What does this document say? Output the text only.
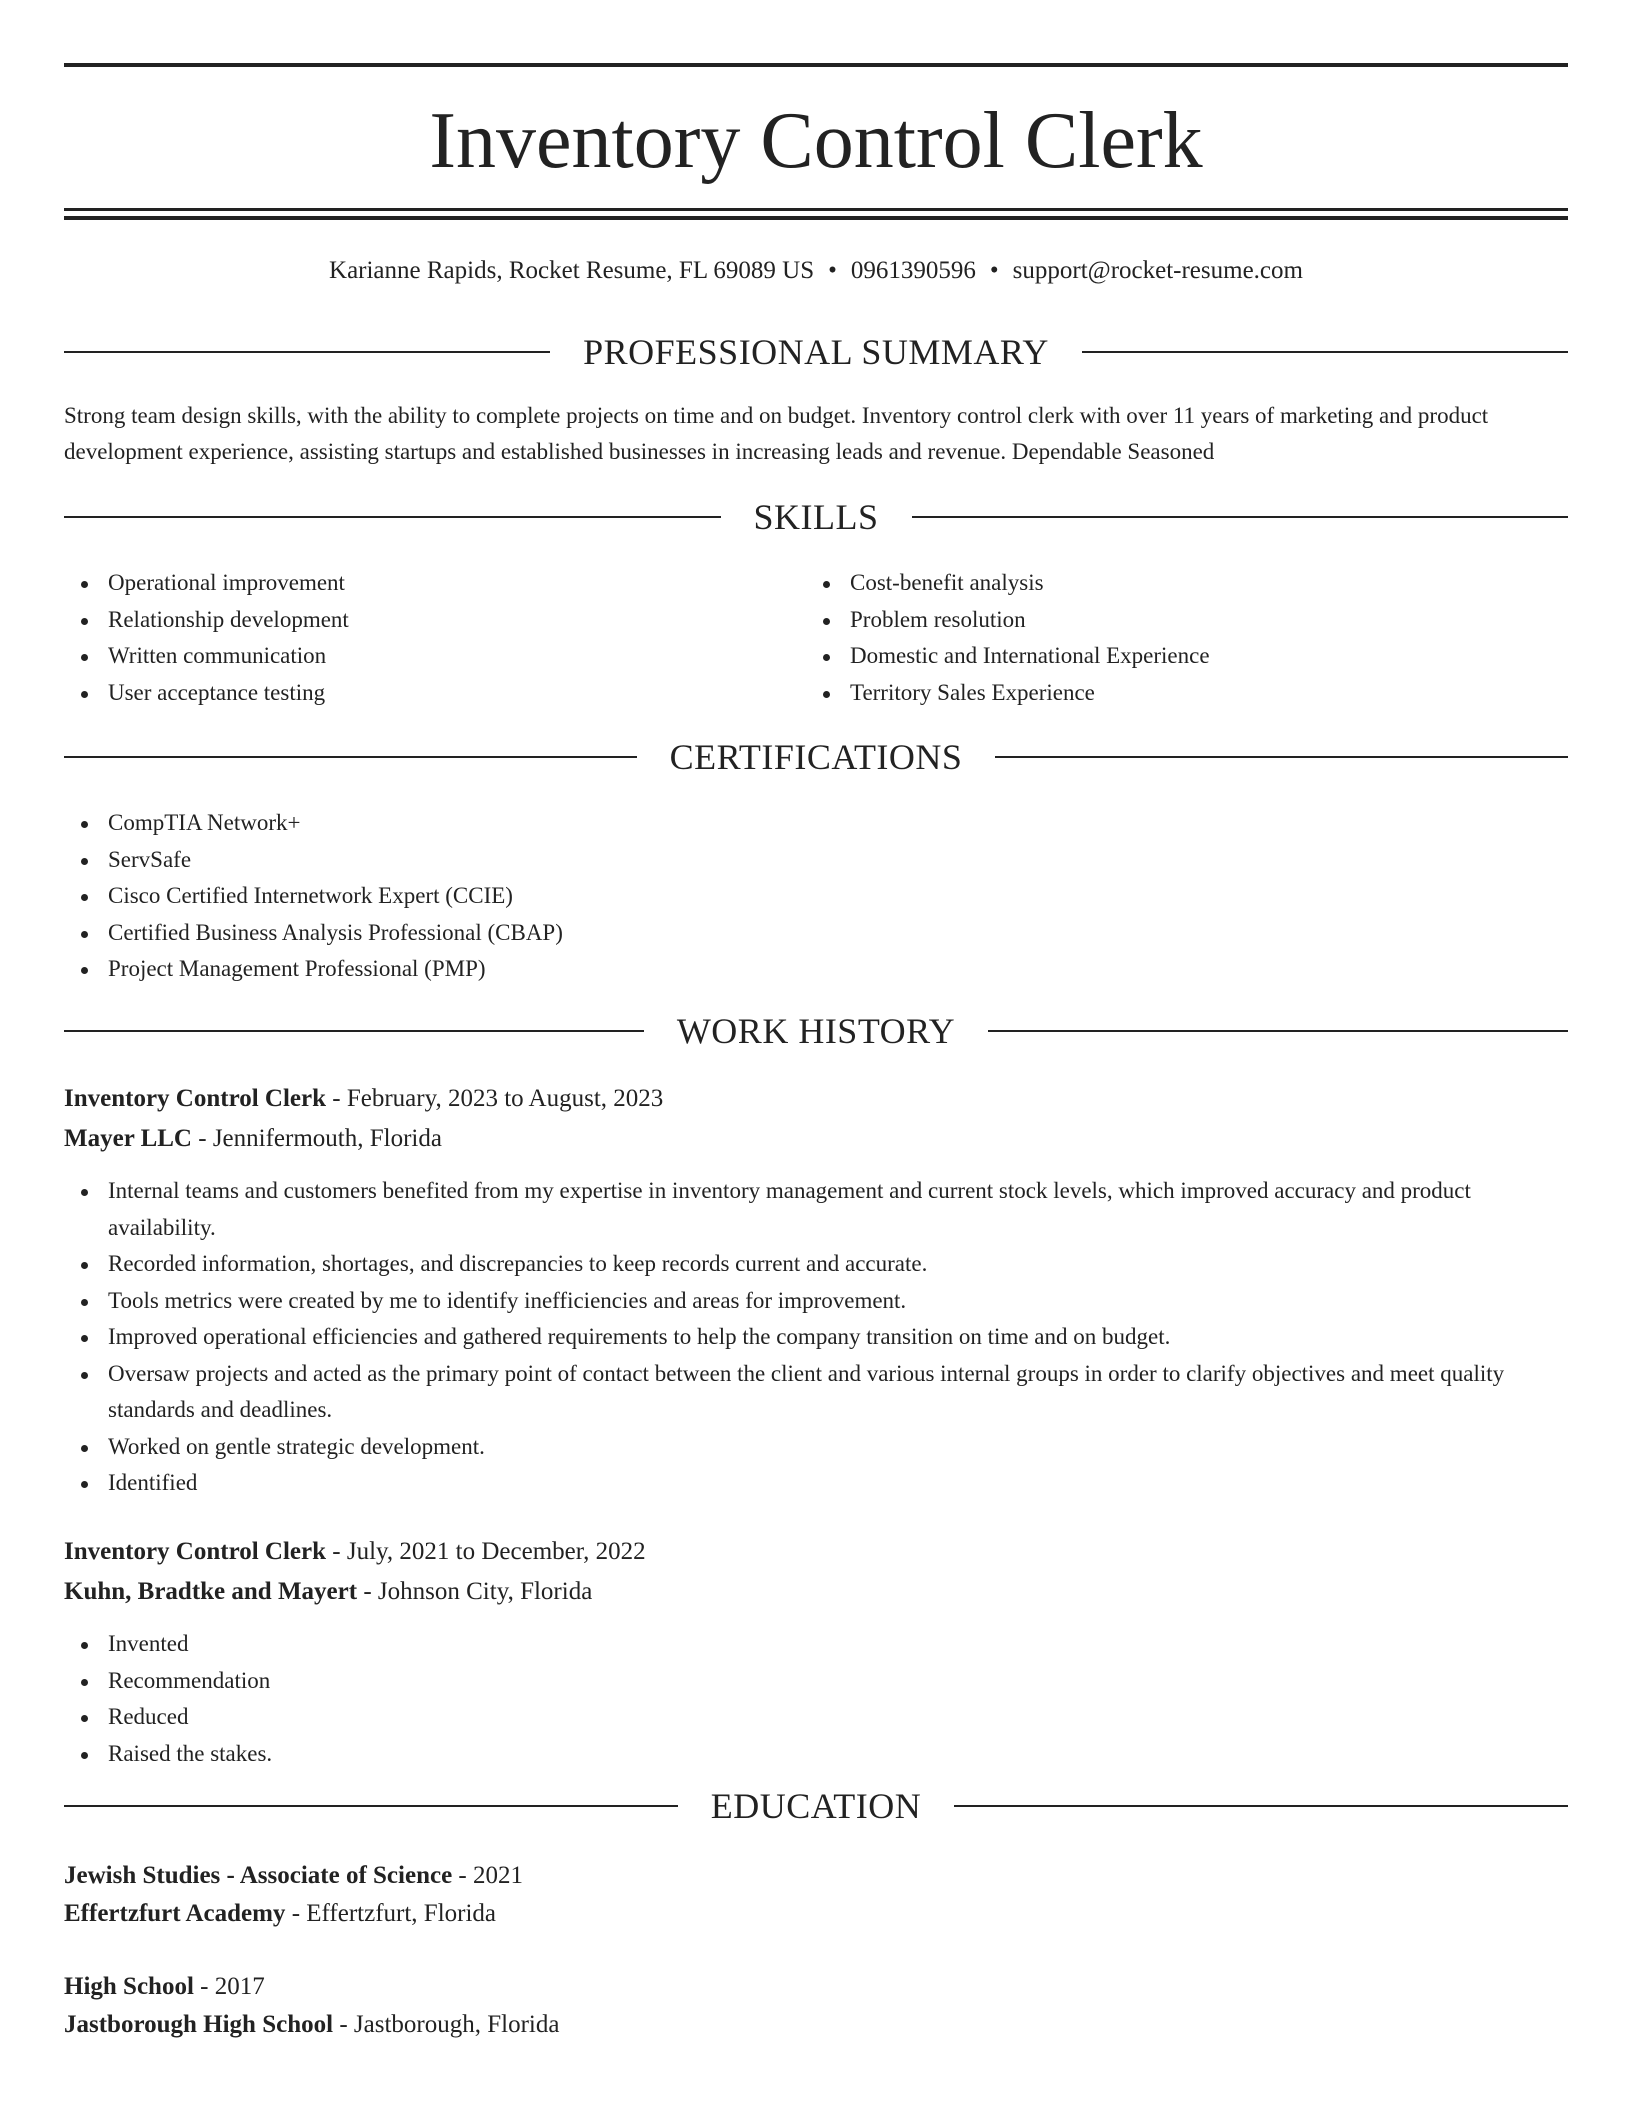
Inventory Control Clerk
Karianne Rapids, Rocket Resume, FL 69089 US • 0961390596 • support@rocket-resume.com
PROFESSIONAL SUMMARY
Strong team design skills, with the ability to complete projects on time and on budget. Inventory control clerk with over 11 years of marketing and product development experience, assisting startups and established businesses in increasing leads and revenue. Dependable Seasoned
SKILLS
Operational improvement
Relationship development
Written communication
User acceptance testing
Cost-benefit analysis
Problem resolution
Domestic and International Experience
Territory Sales Experience
CERTIFICATIONS
CompTIA Network+
ServSafe
Cisco Certified Internetwork Expert (CCIE)
Certified Business Analysis Professional (CBAP)
Project Management Professional (PMP)
WORK HISTORY
Inventory Control Clerk - February, 2023 to August, 2023
Mayer LLC - Jennifermouth, Florida
Internal teams and customers benefited from my expertise in inventory management and current stock levels, which improved accuracy and product availability.
Recorded information, shortages, and discrepancies to keep records current and accurate.
Tools metrics were created by me to identify inefficiencies and areas for improvement.
Improved operational efficiencies and gathered requirements to help the company transition on time and on budget.
Oversaw projects and acted as the primary point of contact between the client and various internal groups in order to clarify objectives and meet quality standards and deadlines.
Worked on gentle strategic development.
Identified
Inventory Control Clerk - July, 2021 to December, 2022
Kuhn, Bradtke and Mayert - Johnson City, Florida
Invented
Recommendation
Reduced
Raised the stakes.
EDUCATION
Jewish Studies - Associate of Science - 2021
Effertzfurt Academy - Effertzfurt, Florida
High School - 2017
Jastborough High School - Jastborough, Florida
